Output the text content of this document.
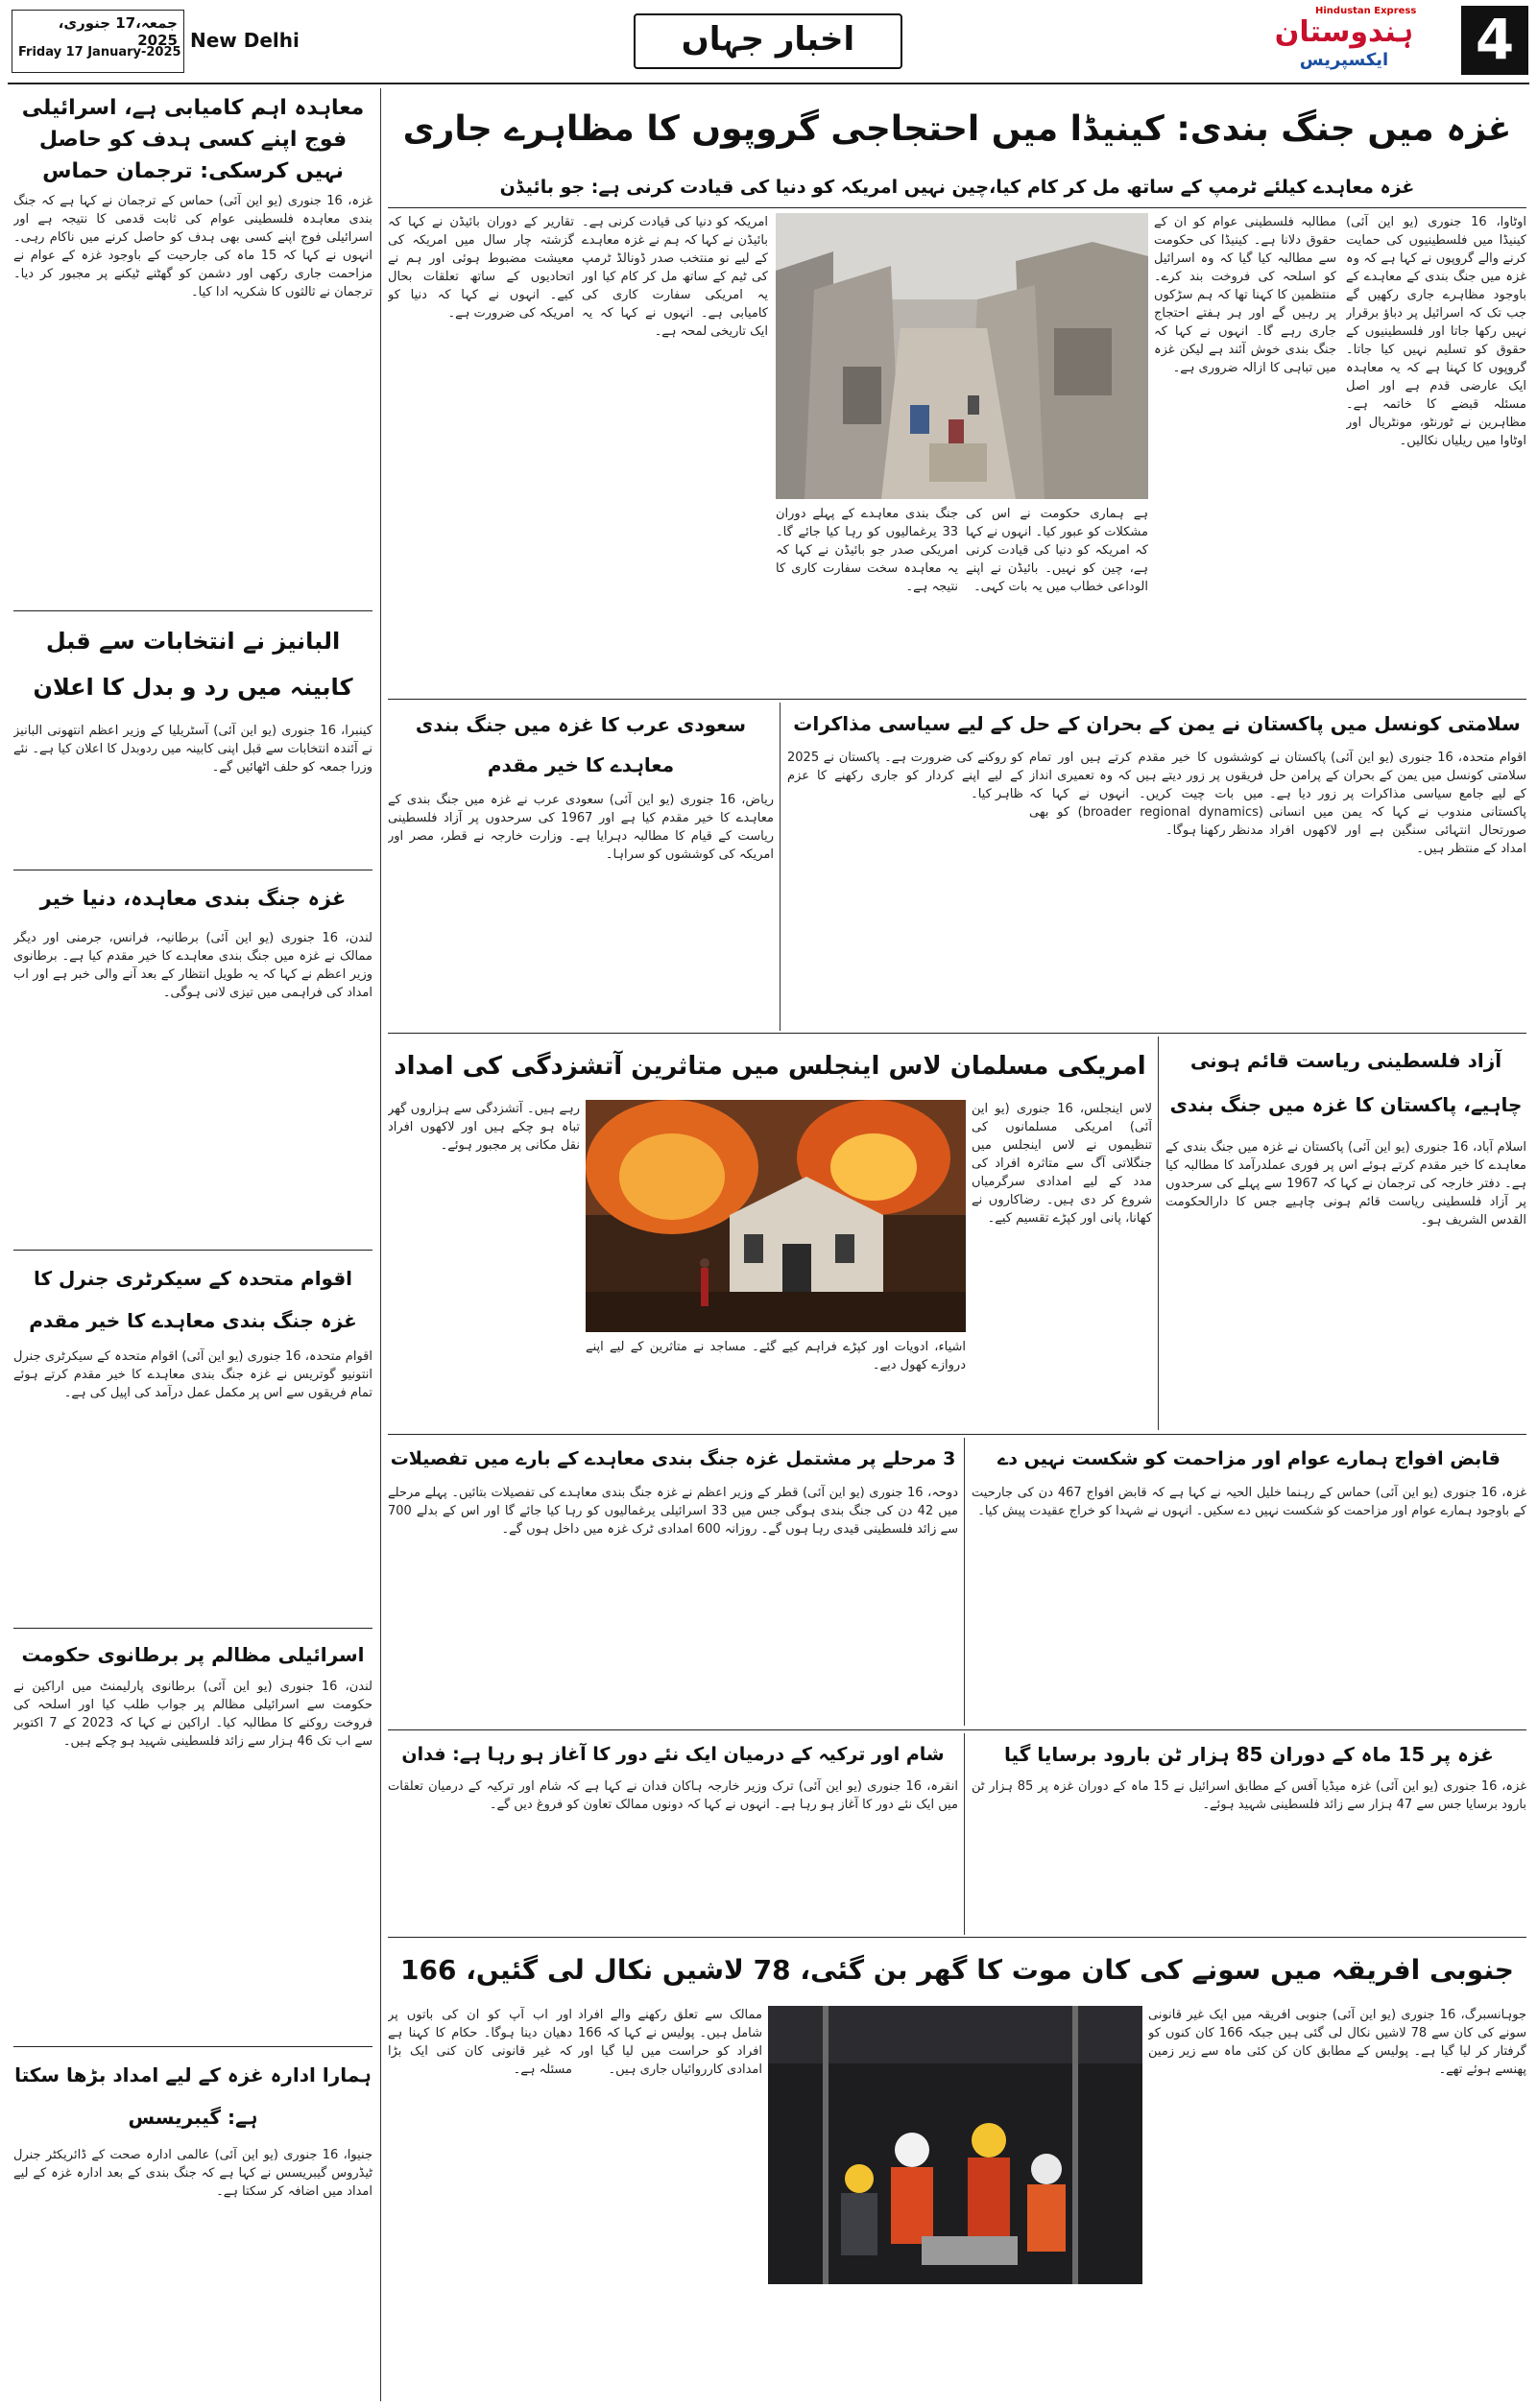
جمعہ،17 جنوری، 2025
Friday 17 January-2025
New Delhi	اخبار جہاں
Hindustan Express
ہندوستان
ایکسپریس	4
معاہدہ اہم کامیابی ہے، اسرائیلی فوج اپنے کسی ہدف کو حاصل نہیں کرسکی: ترجمان حماس
غزہ، 16 جنوری (یو این آئی) حماس کے ترجمان نے کہا ہے کہ جنگ بندی معاہدہ فلسطینی عوام کی ثابت قدمی کا نتیجہ ہے اور اسرائیلی فوج اپنے کسی بھی ہدف کو حاصل کرنے میں ناکام رہی۔ انہوں نے کہا کہ 15 ماہ کی جارحیت کے باوجود غزہ کے عوام نے مزاحمت جاری رکھی اور دشمن کو گھٹنے ٹیکنے پر مجبور کر دیا۔ ترجمان نے ثالثوں کا شکریہ ادا کیا۔
البانیز نے انتخابات سے قبل کابینہ میں رد و بدل کا اعلان
کینبرا، 16 جنوری (یو این آئی) آسٹریلیا کے وزیر اعظم انتھونی البانیز نے آئندہ انتخابات سے قبل اپنی کابینہ میں ردوبدل کا اعلان کیا ہے۔ نئے وزرا جمعہ کو حلف اٹھائیں گے۔
غزہ جنگ بندی معاہدہ، دنیا خیر
لندن، 16 جنوری (یو این آئی) برطانیہ، فرانس، جرمنی اور دیگر ممالک نے غزہ میں جنگ بندی معاہدے کا خیر مقدم کیا ہے۔ برطانوی وزیر اعظم نے کہا کہ یہ طویل انتظار کے بعد آنے والی خبر ہے اور اب امداد کی فراہمی میں تیزی لانی ہوگی۔
اقوام متحدہ کے سیکرٹری جنرل کا غزہ جنگ بندی معاہدے کا خیر مقدم
اقوام متحدہ، 16 جنوری (یو این آئی) اقوام متحدہ کے سیکرٹری جنرل انتونیو گوتریس نے غزہ جنگ بندی معاہدے کا خیر مقدم کرتے ہوئے تمام فریقوں سے اس پر مکمل عمل درآمد کی اپیل کی ہے۔
اسرائیلی مظالم پر برطانوی حکومت
لندن، 16 جنوری (یو این آئی) برطانوی پارلیمنٹ میں اراکین نے حکومت سے اسرائیلی مظالم پر جواب طلب کیا اور اسلحہ کی فروخت روکنے کا مطالبہ کیا۔ اراکین نے کہا کہ 2023 کے 7 اکتوبر سے اب تک 46 ہزار سے زائد فلسطینی شہید ہو چکے ہیں۔
ہمارا ادارہ غزہ کے لیے امداد بڑھا سکتا ہے: گیبریسس
جنیوا، 16 جنوری (یو این آئی) عالمی ادارہ صحت کے ڈائریکٹر جنرل ٹیڈروس گیبریسس نے کہا ہے کہ جنگ بندی کے بعد ادارہ غزہ کے لیے امداد میں اضافہ کر سکتا ہے۔
غزہ میں جنگ بندی: کینیڈا میں احتجاجی گروپوں کا مظاہرے جاری
غزہ معاہدے کیلئے ٹرمپ کے ساتھ مل کر کام کیا،چین نہیں امریکہ کو دنیا کی قیادت کرنی ہے: جو بائیڈن
اوٹاوا، 16 جنوری (یو این آئی) کینیڈا میں فلسطینیوں کی حمایت کرنے والے گروپوں نے کہا ہے کہ وہ غزہ میں جنگ بندی کے معاہدے کے باوجود مظاہرے جاری رکھیں گے جب تک کہ اسرائیل پر دباؤ برقرار نہیں رکھا جاتا اور فلسطینیوں کے حقوق کو تسلیم نہیں کیا جاتا۔ گروپوں کا کہنا ہے کہ یہ معاہدہ ایک عارضی قدم ہے اور اصل مسئلہ قبضے کا خاتمہ ہے۔ مظاہرین نے ٹورنٹو، مونٹریال اور اوٹاوا میں ریلیاں نکالیں۔
مطالبہ فلسطینی عوام کو ان کے حقوق دلانا ہے۔ کینیڈا کی حکومت سے مطالبہ کیا گیا کہ وہ اسرائیل کو اسلحہ کی فروخت بند کرے۔ منتظمین کا کہنا تھا کہ ہم سڑکوں پر رہیں گے اور ہر ہفتے احتجاج جاری رہے گا۔ انہوں نے کہا کہ جنگ بندی خوش آئند ہے لیکن غزہ میں تباہی کا ازالہ ضروری ہے۔
جنگ بندی معاہدے کے پہلے دوران 33 یرغمالیوں کو رہا کیا جائے گا۔ امریکی صدر جو بائیڈن نے کہا کہ یہ معاہدہ سخت سفارت کاری کا نتیجہ ہے۔
ہے ہماری حکومت نے اس کی مشکلات کو عبور کیا۔ انہوں نے کہا کہ امریکہ کو دنیا کی قیادت کرنی ہے، چین کو نہیں۔ بائیڈن نے اپنے الوداعی خطاب میں یہ بات کہی۔
امریکہ کو دنیا کی قیادت کرنی ہے۔ بائیڈن نے کہا کہ ہم نے غزہ معاہدے کے لیے نو منتخب صدر ڈونالڈ ٹرمپ کی ٹیم کے ساتھ مل کر کام کیا اور یہ امریکی سفارت کاری کی کامیابی ہے۔ انہوں نے کہا کہ یہ ایک تاریخی لمحہ ہے۔
تقاریر کے دوران بائیڈن نے کہا کہ گزشتہ چار سال میں امریکہ کی معیشت مضبوط ہوئی اور ہم نے اتحادیوں کے ساتھ تعلقات بحال کیے۔ انہوں نے کہا کہ دنیا کو امریکہ کی ضرورت ہے۔
سلامتی کونسل میں پاکستان نے یمن کے بحران کے حل کے لیے سیاسی مذاکرات
اقوام متحدہ، 16 جنوری (یو این آئی) پاکستان نے سلامتی کونسل میں یمن کے بحران کے پرامن حل کے لیے جامع سیاسی مذاکرات پر زور دیا ہے۔ پاکستانی مندوب نے کہا کہ یمن میں انسانی صورتحال انتہائی سنگین ہے اور لاکھوں افراد امداد کے منتظر ہیں۔
کوششوں کا خیر مقدم کرتے ہیں اور تمام فریقوں پر زور دیتے ہیں کہ وہ تعمیری انداز میں بات چیت کریں۔ انہوں نے کہا کہ (broader regional dynamics) کو بھی مدنظر رکھنا ہوگا۔
کو روکنے کی ضرورت ہے۔ پاکستان نے 2025 کے لیے اپنے کردار کو جاری رکھنے کا عزم ظاہر کیا۔
سعودی عرب کا غزہ میں جنگ بندی معاہدے کا خیر مقدم
ریاض، 16 جنوری (یو این آئی) سعودی عرب نے غزہ میں جنگ بندی کے معاہدے کا خیر مقدم کیا ہے اور 1967 کی سرحدوں پر آزاد فلسطینی ریاست کے قیام کا مطالبہ دہرایا ہے۔ وزارت خارجہ نے قطر، مصر اور امریکہ کی کوششوں کو سراہا۔
آزاد فلسطینی ریاست قائم ہونی چاہیے، پاکستان کا غزہ میں جنگ بندی
اسلام آباد، 16 جنوری (یو این آئی) پاکستان نے غزہ میں جنگ بندی کے معاہدے کا خیر مقدم کرتے ہوئے اس پر فوری عملدرآمد کا مطالبہ کیا ہے۔ دفتر خارجہ کی ترجمان نے کہا کہ 1967 سے پہلے کی سرحدوں پر آزاد فلسطینی ریاست قائم ہونی چاہیے جس کا دارالحکومت القدس الشریف ہو۔
امریکی مسلمان لاس اینجلس میں متاثرین آتشزدگی کی امداد
لاس اینجلس، 16 جنوری (یو این آئی) امریکی مسلمانوں کی تنظیموں نے لاس اینجلس میں جنگلاتی آگ سے متاثرہ افراد کی مدد کے لیے امدادی سرگرمیاں شروع کر دی ہیں۔ رضاکاروں نے کھانا، پانی اور کپڑے تقسیم کیے۔
اشیاء، ادویات اور کپڑے فراہم کیے گئے۔ مساجد نے متاثرین کے لیے اپنے دروازے کھول دیے۔
رہے ہیں۔ آتشزدگی سے ہزاروں گھر تباہ ہو چکے ہیں اور لاکھوں افراد نقل مکانی پر مجبور ہوئے۔
قابض افواج ہمارے عوام اور مزاحمت کو شکست نہیں دے
غزہ، 16 جنوری (یو این آئی) حماس کے رہنما خلیل الحیہ نے کہا ہے کہ قابض افواج 467 دن کی جارحیت کے باوجود ہمارے عوام اور مزاحمت کو شکست نہیں دے سکیں۔ انہوں نے شہدا کو خراج عقیدت پیش کیا۔
3 مرحلے پر مشتمل غزہ جنگ بندی معاہدے کے بارے میں تفصیلات
دوحہ، 16 جنوری (یو این آئی) قطر کے وزیر اعظم نے غزہ جنگ بندی معاہدے کی تفصیلات بتائیں۔ پہلے مرحلے میں 42 دن کی جنگ بندی ہوگی جس میں 33 اسرائیلی یرغمالیوں کو رہا کیا جائے گا اور اس کے بدلے 700 سے زائد فلسطینی قیدی رہا ہوں گے۔ روزانہ 600 امدادی ٹرک غزہ میں داخل ہوں گے۔
غزہ پر 15 ماہ کے دوران 85 ہزار ٹن بارود برسایا گیا
غزہ، 16 جنوری (یو این آئی) غزہ میڈیا آفس کے مطابق اسرائیل نے 15 ماہ کے دوران غزہ پر 85 ہزار ٹن بارود برسایا جس سے 47 ہزار سے زائد فلسطینی شہید ہوئے۔
شام اور ترکیہ کے درمیان ایک نئے دور کا آغاز ہو رہا ہے: فدان
انقرہ، 16 جنوری (یو این آئی) ترک وزیر خارجہ ہاکان فدان نے کہا ہے کہ شام اور ترکیہ کے درمیان تعلقات میں ایک نئے دور کا آغاز ہو رہا ہے۔ انہوں نے کہا کہ دونوں ممالک تعاون کو فروغ دیں گے۔
جنوبی افریقہ میں سونے کی کان موت کا گھر بن گئی، 78 لاشیں نکال لی گئیں، 166
جوہانسبرگ، 16 جنوری (یو این آئی) جنوبی افریقہ میں ایک غیر قانونی سونے کی کان سے 78 لاشیں نکال لی گئی ہیں جبکہ 166 کان کنوں کو گرفتار کر لیا گیا ہے۔ پولیس کے مطابق کان کن کئی ماہ سے زیر زمین پھنسے ہوئے تھے۔
ممالک سے تعلق رکھنے والے افراد شامل ہیں۔ پولیس نے کہا کہ 166 افراد کو حراست میں لیا گیا اور امدادی کارروائیاں جاری ہیں۔
اور اب آپ کو ان کی باتوں پر دھیان دینا ہوگا۔ حکام کا کہنا ہے کہ غیر قانونی کان کنی ایک بڑا مسئلہ ہے۔
